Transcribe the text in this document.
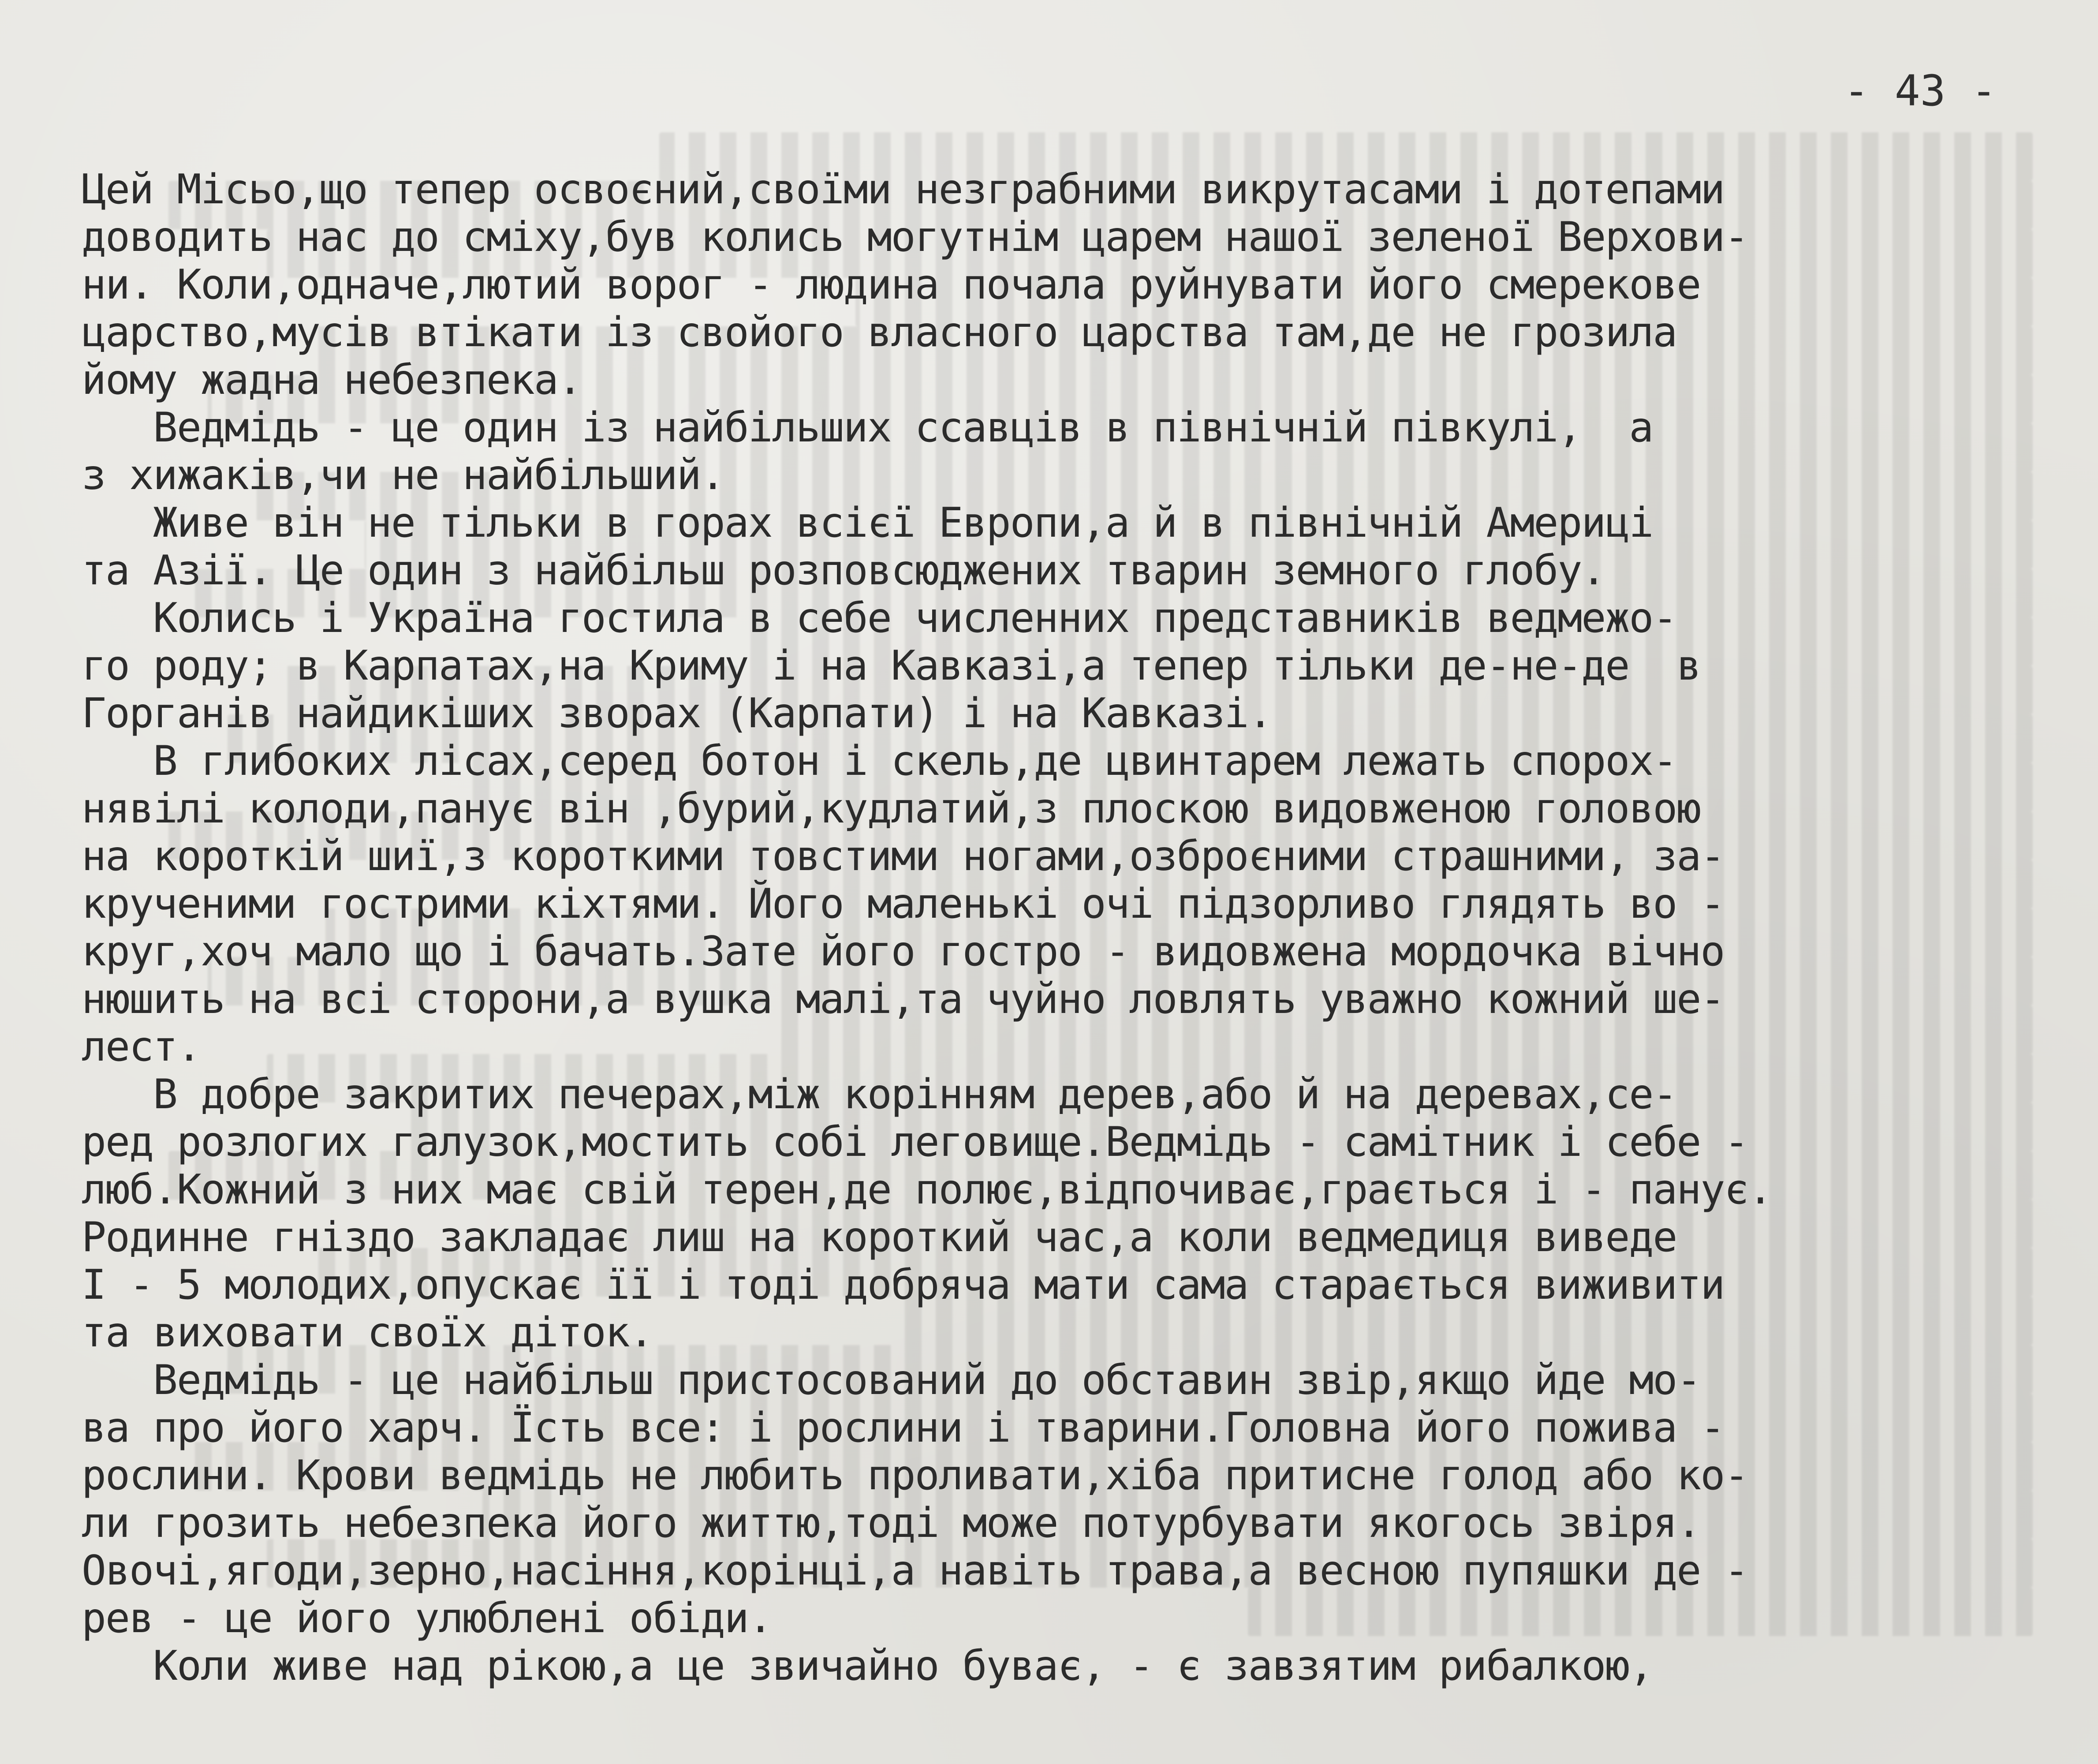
- 43 -

Цей Місьо,що тепер освоєний,своїми незграбними викрутасами і дотепами
доводить нас до сміху,був колись могутнім царем нашої зеленої Верхови-
ни. Коли,одначе,лютий ворог - людина почала руйнувати його смерекове
царство,мусів втікати із свойого власного царства там,де не грозила
йому жадна небезпека.
Ведмідь - це один із найбільших ссавців в північній півкулі,  а
з хижаків,чи не найбільший.
Живе він не тільки в горах всієї Европи,а й в північній Америці
та Азії. Це один з найбільш розповсюджених тварин земного глобу.
Колись і Україна гостила в себе численних представників ведмежо-
го роду; в Карпатах,на Криму і на Кавказі,а тепер тільки де-не-де  в
Горганів найдикіших зворах (Карпати) і на Кавказі.
В глибоких лісах,серед ботон і скель,де цвинтарем лежать спорох-
нявілі колоди,панує він ,бурий,кудлатий,з плоскою видовженою головою
на короткій шиї,з короткими товстими ногами,озброєними страшними, за-
крученими гострими кіхтями. Його маленькі очі підзорливо глядять во -
круг,хоч мало що і бачать.Зате його гостро - видовжена мордочка вічно
нюшить на всі сторони,а вушка малі,та чуйно ловлять уважно кожний ше-
лест.
В добре закритих печерах,між корінням дерев,або й на деревах,се-
ред розлогих галузок,мостить собі леговище.Ведмідь - самітник і себе -
люб.Кожний з них має свій терен,де полює,відпочиває,грається і - панує.
Родинне гніздо закладає лиш на короткий час,а коли ведмедиця виведе
I - 5 молодих,опускає її і тоді добряча мати сама старається виживити
та виховати своїх діток.
Ведмідь - це найбільш пристосований до обставин звір,якщо йде мо-
ва про його харч. Їсть все: і рослини і тварини.Головна його пожива -
рослини. Крови ведмідь не любить проливати,хіба притисне голод або ко-
ли грозить небезпека його життю,тоді може потурбувати якогось звіря.
Овочі,ягоди,зерно,насіння,корінці,а навіть трава,а весною пупяшки де -
рев - це його улюблені обіди.
Коли живе над рікою,а це звичайно буває, - є завзятим рибалкою,
